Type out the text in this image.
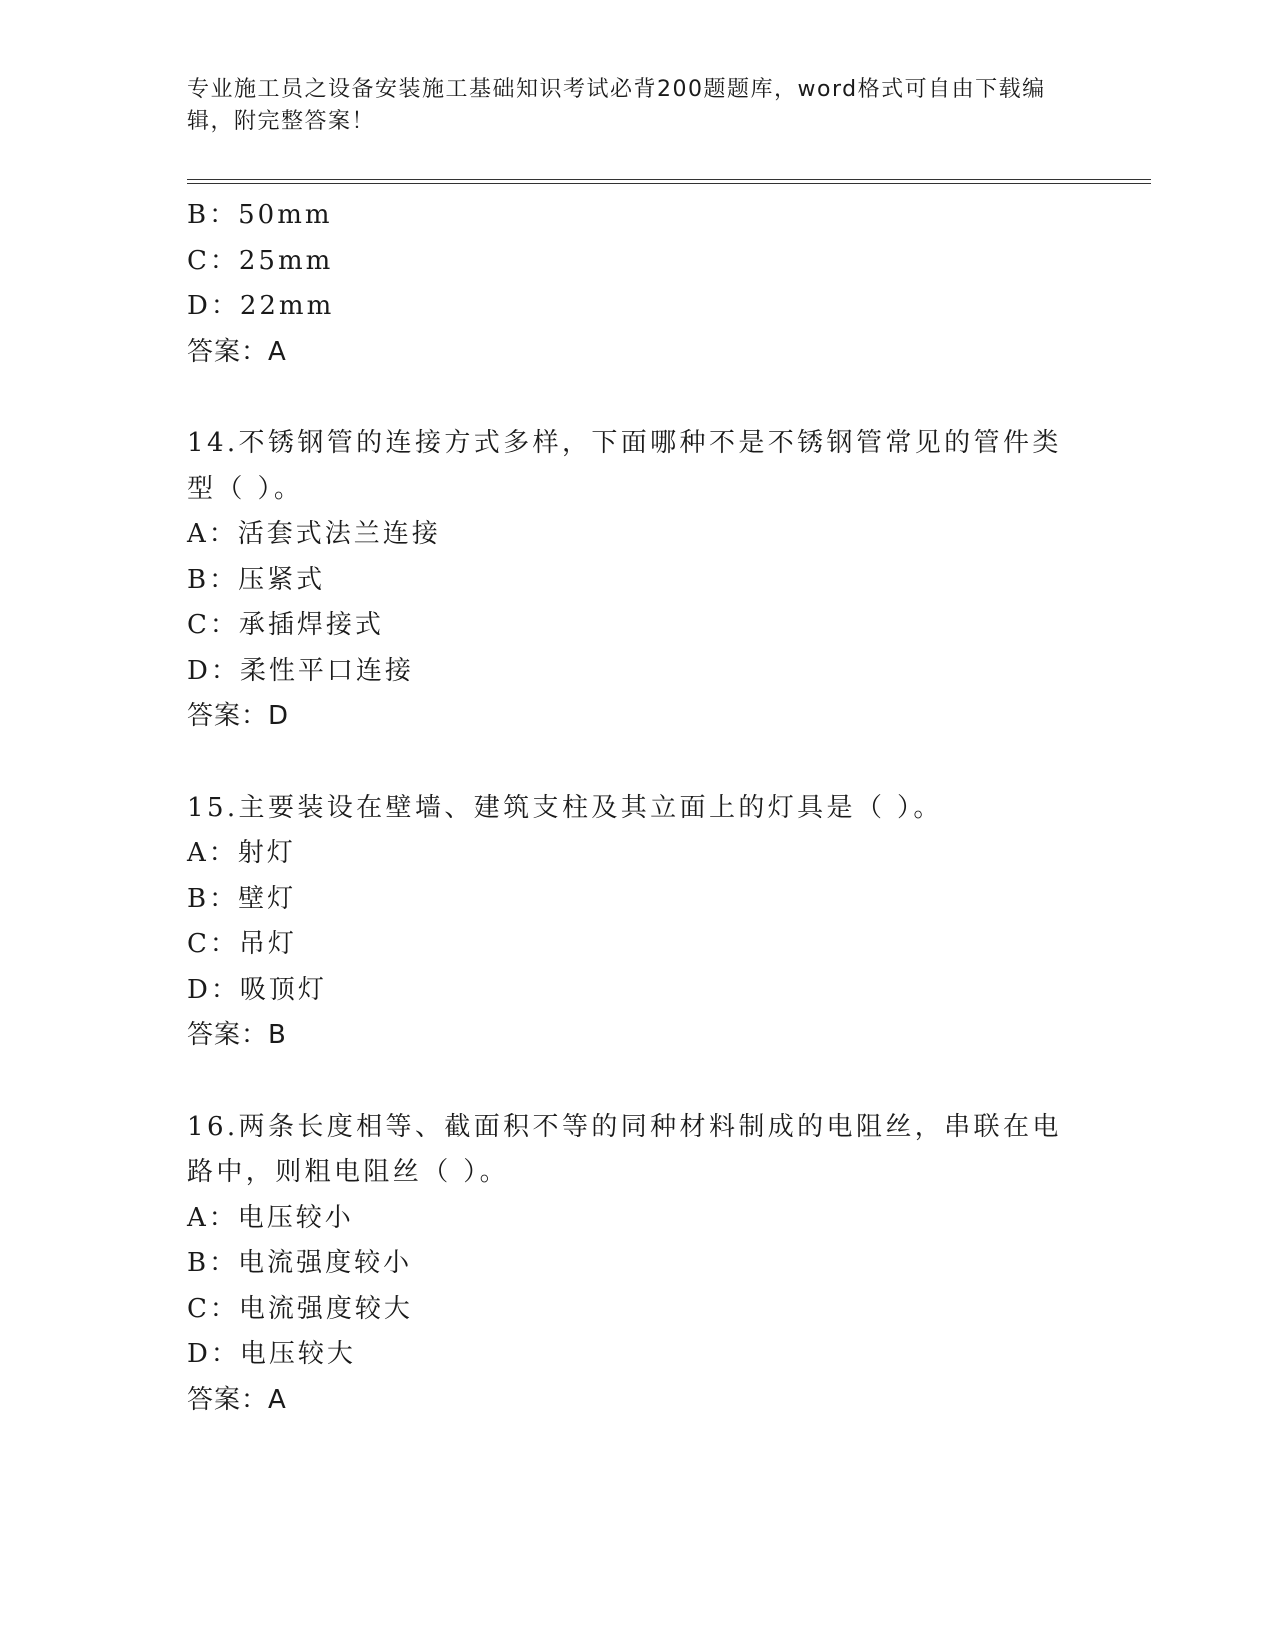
专业施工员之设备安装施工基础知识考试必背200题题库，word格式可自由下载编辑，附完整答案！
B：50mm
C：25mm
D：22mm
答案：A
14.不锈钢管的连接方式多样，下面哪种不是不锈钢管常见的管件类型（ ）。
A：活套式法兰连接
B：压紧式
C：承插焊接式
D：柔性平口连接
答案：D
15.主要装设在壁墙、建筑支柱及其立面上的灯具是（ ）。
A：射灯
B：壁灯
C：吊灯
D：吸顶灯
答案：B
16.两条长度相等、截面积不等的同种材料制成的电阻丝，串联在电路中，则粗电阻丝（ ）。
A：电压较小
B：电流强度较小
C：电流强度较大
D：电压较大
答案：A
